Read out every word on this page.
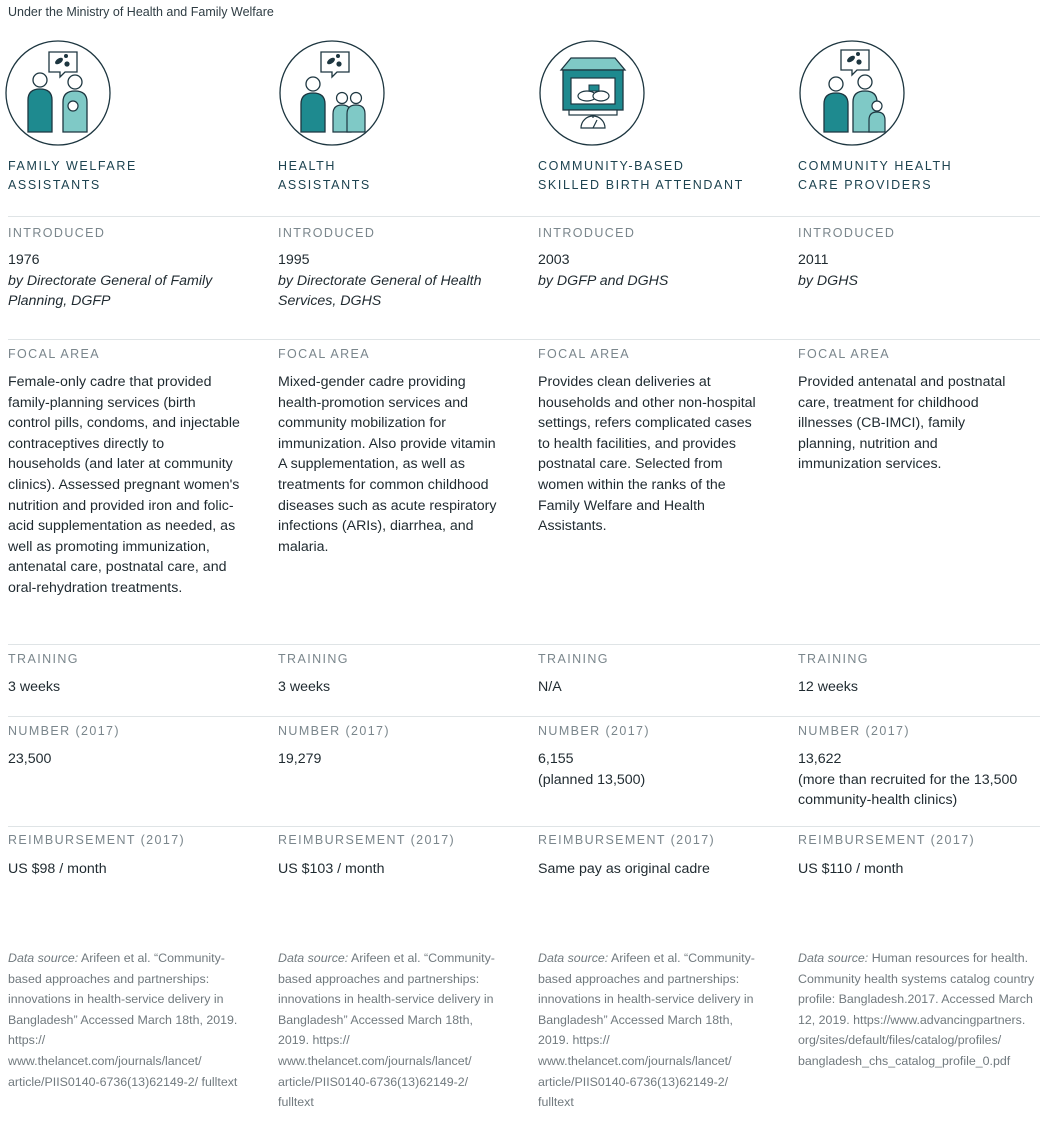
Under the Ministry of Health and Family Welfare
FAMILY WELFARE
ASSISTANTS
INTRODUCED
1976
by Directorate General of Family Planning, DGFP
FOCAL AREA
Female-only cadre that provided family-planning services (birth control pills, condoms, and injectable contraceptives directly to households (and later at community clinics). Assessed pregnant women's nutrition and provided iron and folic-acid supplementation as needed, as well as promoting immunization, antenatal care, postnatal care, and oral-rehydration treatments.
TRAINING
3 weeks
NUMBER (2017)
23,500
REIMBURSEMENT (2017)
US $98 / month
Data source: Arifeen et al. “Community-based approaches and partnerships: innovations in health-service delivery in Bangladesh” Accessed March 18th, 2019. https:// www.thelancet.com/journals/lancet/ article/PIIS0140-6736(13)62149-2/ fulltext
HEALTH
ASSISTANTS
INTRODUCED
1995
by Directorate General of Health Services, DGHS
FOCAL AREA
Mixed-gender cadre providing health-promotion services and community mobilization for immunization. Also provide vitamin A supplementation, as well as treatments for common childhood diseases such as acute respiratory infections (ARIs), diarrhea, and malaria.
TRAINING
3 weeks
NUMBER (2017)
19,279
REIMBURSEMENT (2017)
US $103 / month
Data source: Arifeen et al. “Community-based approaches and partnerships: innovations in health-service delivery in Bangladesh” Accessed March 18th, 2019. https:// www.thelancet.com/journals/lancet/ article/PIIS0140-6736(13)62149-2/ fulltext
COMMUNITY-BASED
SKILLED BIRTH ATTENDANT
INTRODUCED
2003
by DGFP and DGHS
FOCAL AREA
Provides clean deliveries at households and other non-hospital settings, refers complicated cases to health facilities, and provides postnatal care. Selected from women within the ranks of the Family Welfare and Health Assistants.
TRAINING
N/A
NUMBER (2017)
6,155
(planned 13,500)
REIMBURSEMENT (2017)
Same pay as original cadre
Data source: Arifeen et al. “Community-based approaches and partnerships: innovations in health-service delivery in Bangladesh” Accessed March 18th, 2019. https:// www.thelancet.com/journals/lancet/ article/PIIS0140-6736(13)62149-2/ fulltext
COMMUNITY HEALTH
CARE PROVIDERS
INTRODUCED
2011
by DGHS
FOCAL AREA
Provided antenatal and postnatal care, treatment for childhood illnesses (CB-IMCI), family planning, nutrition and immunization services.
TRAINING
12 weeks
NUMBER (2017)
13,622
(more than recruited for the 13,500 community-health clinics)
REIMBURSEMENT (2017)
US $110 / month
Data source: Human resources for health. Community health systems catalog country profile: Bangladesh.2017. Accessed March 12, 2019. https://www.advancingpartners. org/sites/default/files/catalog/profiles/ bangladesh_chs_catalog_profile_0.pdf
